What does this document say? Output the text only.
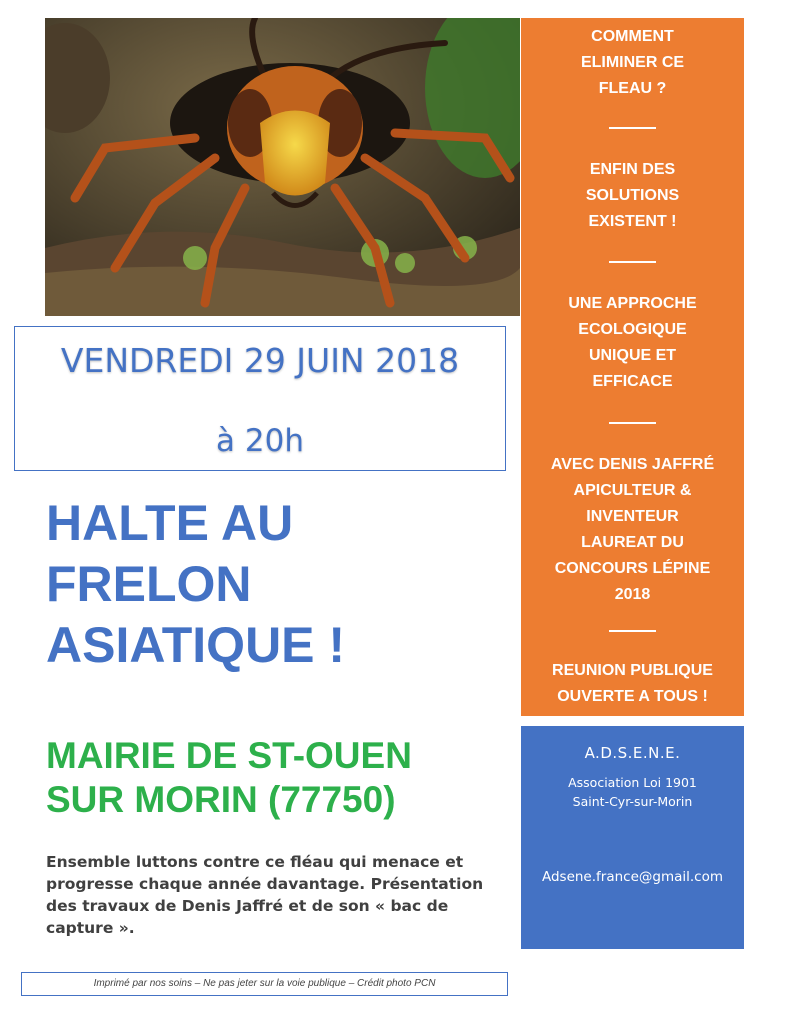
VENDREDI 29 JUIN 2018
à 20h
HALTE AU
FRELON
ASIATIQUE !
MAIRIE DE ST-OUEN
SUR MORIN (77750)
Ensemble luttons contre ce fléau qui menace et progresse chaque année davantage. Présentation des travaux de Denis Jaffré et de son « bac de capture ».
Imprimé par nos soins – Ne pas jeter sur la voie publique – Crédit photo PCN
COMMENT
ELIMINER CE
FLEAU ?
ENFIN DES
SOLUTIONS
EXISTENT !
UNE APPROCHE
ECOLOGIQUE
UNIQUE ET
EFFICACE
AVEC DENIS JAFFRÉ
APICULTEUR &
INVENTEUR
LAUREAT DU
CONCOURS LÉPINE
2018
REUNION PUBLIQUE
OUVERTE A TOUS !
A.D.S.E.N.E.
Association Loi 1901
Saint-Cyr-sur-Morin
Adsene.france@gmail.com
